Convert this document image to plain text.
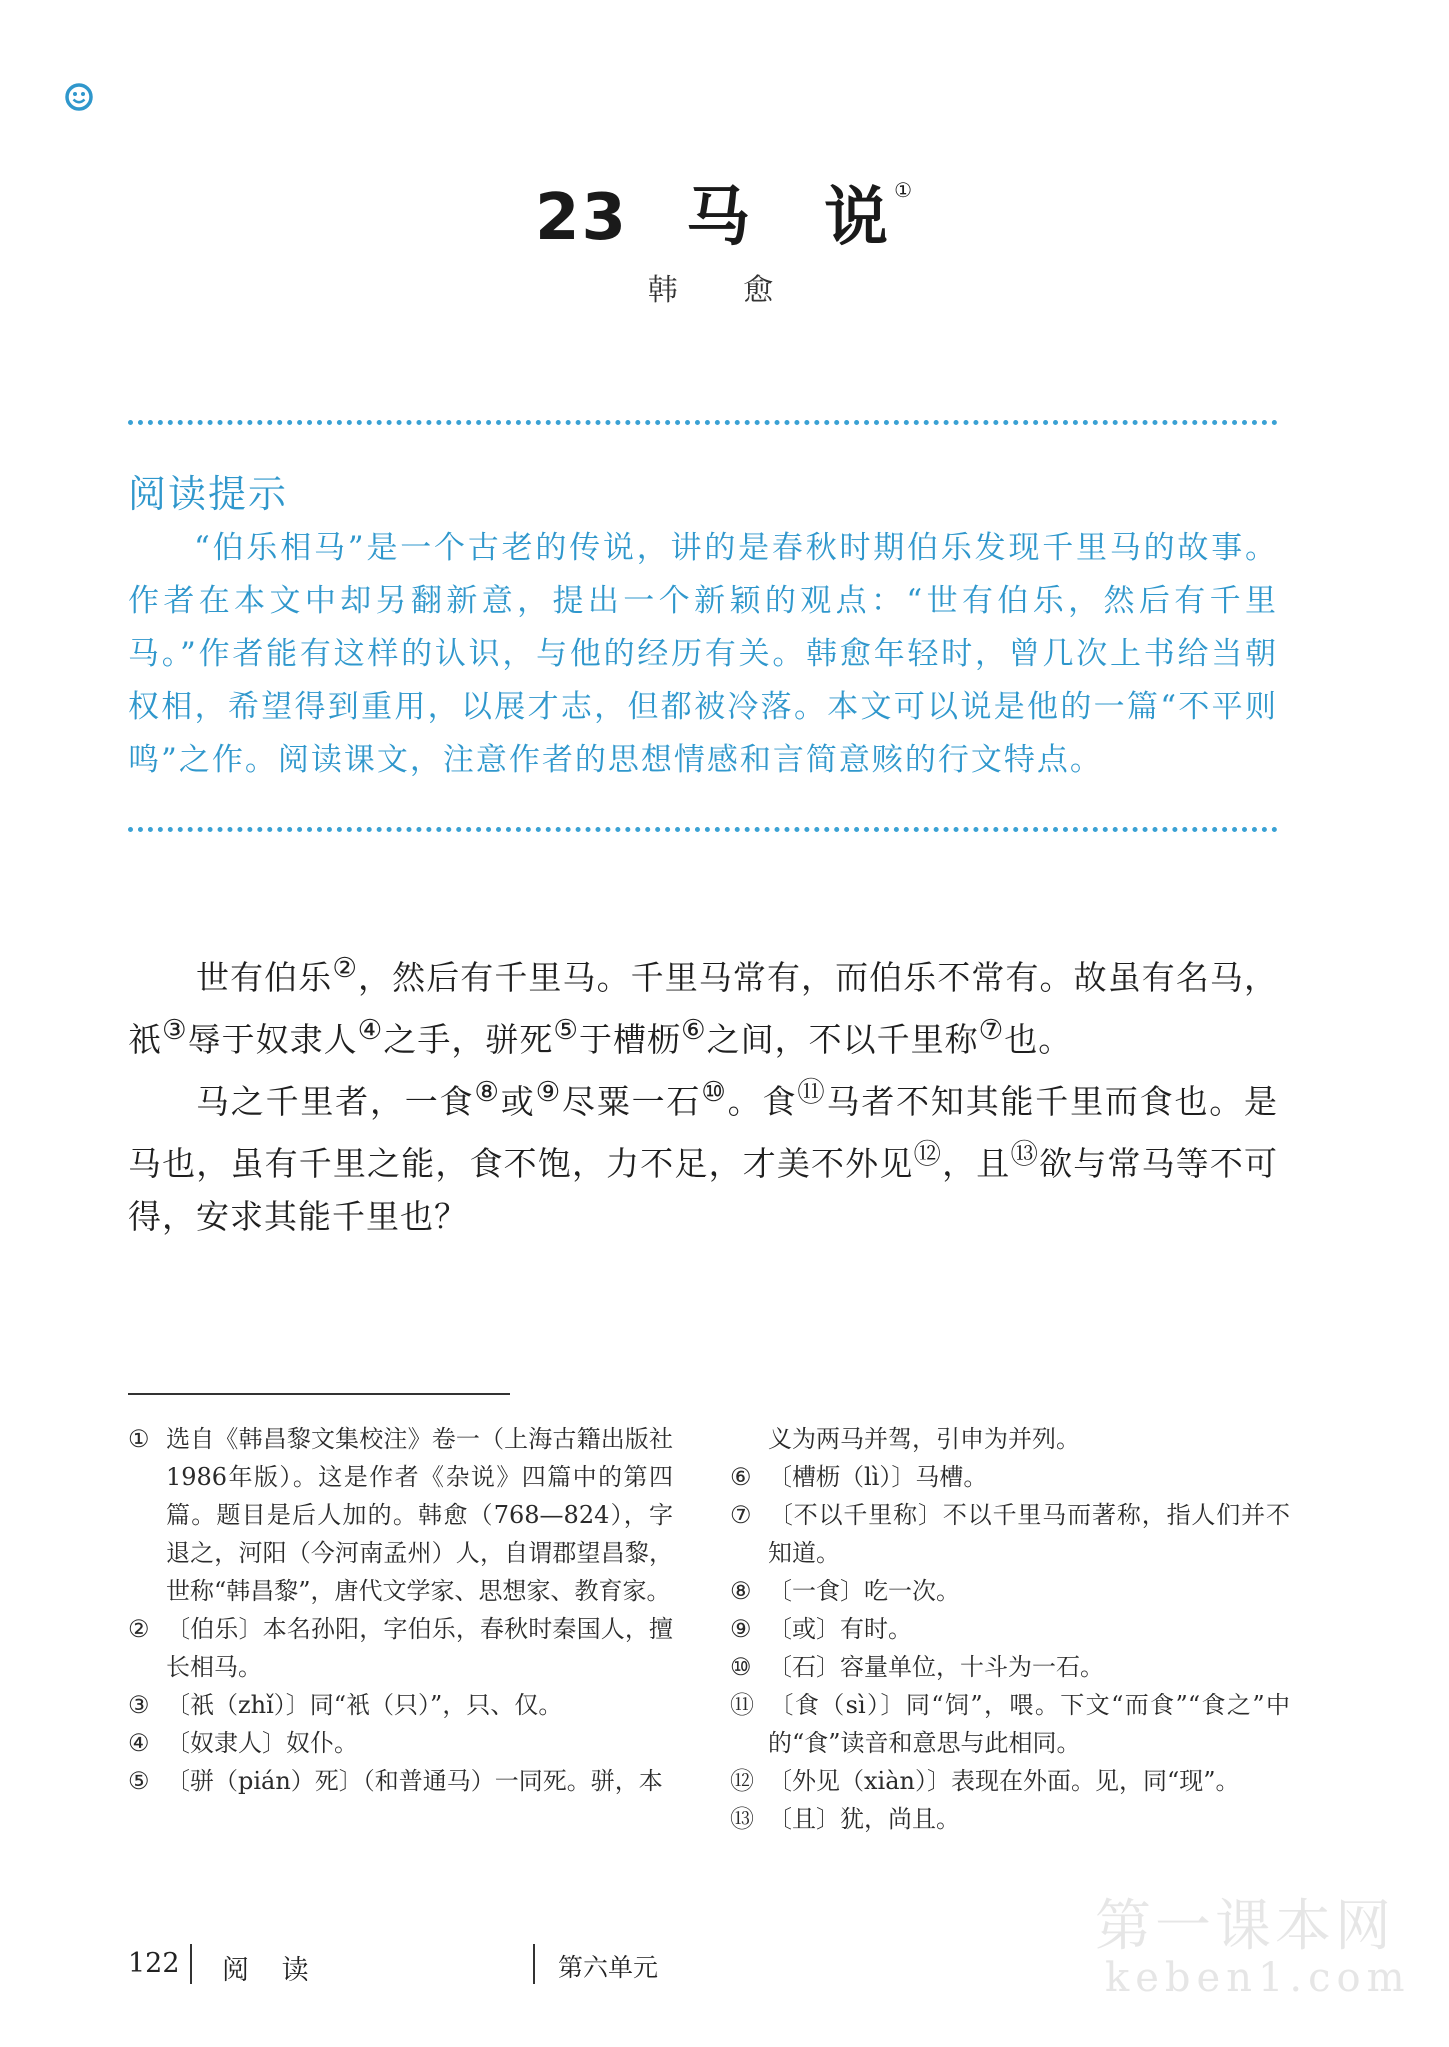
23 马 说 ①
韩 愈
阅读提示

“伯乐相马”是一个古老的传说，讲的是春秋时期伯乐发现千里马的故事。作者在本文中却另翻新意，提出一个新颖的观点：“世有伯乐，然后有千里马。”作者能有这样的认识，与他的经历有关。韩愈年轻时，曾几次上书给当朝权相，希望得到重用，以展才志，但都被冷落。本文可以说是他的一篇“不平则鸣”之作。阅读课文，注意作者的思想情感和言简意赅的行文特点。

世有伯乐②，然后有千里马。千里马常有，而伯乐不常有。故虽有名马，祇③辱于奴隶人④之手，骈死⑤于槽枥⑥之间，不以千里称⑦也。

马之千里者，一食⑧或⑨尽粟一石⑩。食⑪马者不知其能千里而食也。是马也，虽有千里之能，食不饱，力不足，才美不外见⑫，且⑬欲与常马等不可得，安求其能千里也？

① 选自《韩昌黎文集校注》卷一（上海古籍出版社1986年版）。这是作者《杂说》四篇中的第四篇。题目是后人加的。韩愈（768—824），字退之，河阳（今河南孟州）人，自谓郡望昌黎，世称“韩昌黎”，唐代文学家、思想家、教育家。
② 〔伯乐〕本名孙阳，字伯乐，春秋时秦国人，擅长相马。
③ 〔祇（zhǐ）〕同“衹（只）”，只、仅。
④ 〔奴隶人〕奴仆。
⑤ 〔骈（pián）死〕（和普通马）一同死。骈，本
义为两马并驾，引申为并列。
⑥ 〔槽枥（lì）〕马槽。
⑦ 〔不以千里称〕不以千里马而著称，指人们并不知道。
⑧ 〔一食〕吃一次。
⑨ 〔或〕有时。
⑩ 〔石〕容量单位，十斗为一石。
⑪ 〔食（sì）〕同“饲”，喂。下文“而食”“食之”中的“食”读音和意思与此相同。
⑫ 〔外见（xiàn）〕表现在外面。见，同“现”。
⑬ 〔且〕犹，尚且。
122 阅 读	第六单元
第一课本网
keben1.com
